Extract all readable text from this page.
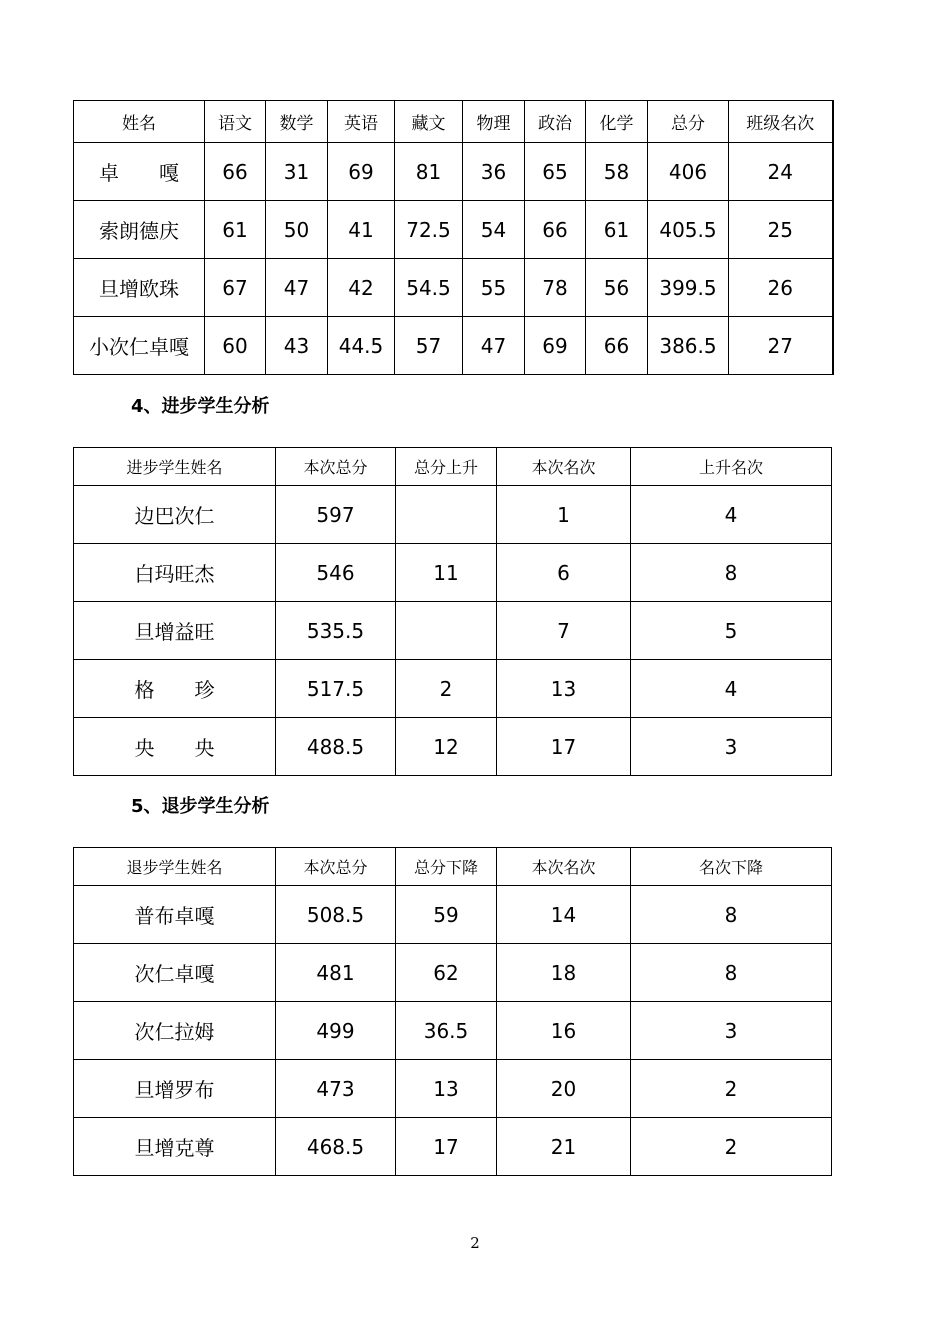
姓名	语文	数学	英语	藏文	物理	政治	化学	总分	班级名次
卓　　嘎	66	31	69	81	36	65	58	406	24
索朗德庆	61	50	41	72.5	54	66	61	405.5	25
旦增欧珠	67	47	42	54.5	55	78	56	399.5	26
小次仁卓嘎	60	43	44.5	57	47	69	66	386.5	27
4、进步学生分析
进步学生姓名	本次总分	总分上升	本次名次	上升名次
边巴次仁	597		1	4
白玛旺杰	546	11	6	8
旦增益旺	535.5		7	5
格　　珍	517.5	2	13	4
央　　央	488.5	12	17	3
5、退步学生分析
退步学生姓名	本次总分	总分下降	本次名次	名次下降
普布卓嘎	508.5	59	14	8
次仁卓嘎	481	62	18	8
次仁拉姆	499	36.5	16	3
旦增罗布	473	13	20	2
旦增克尊	468.5	17	21	2
2
